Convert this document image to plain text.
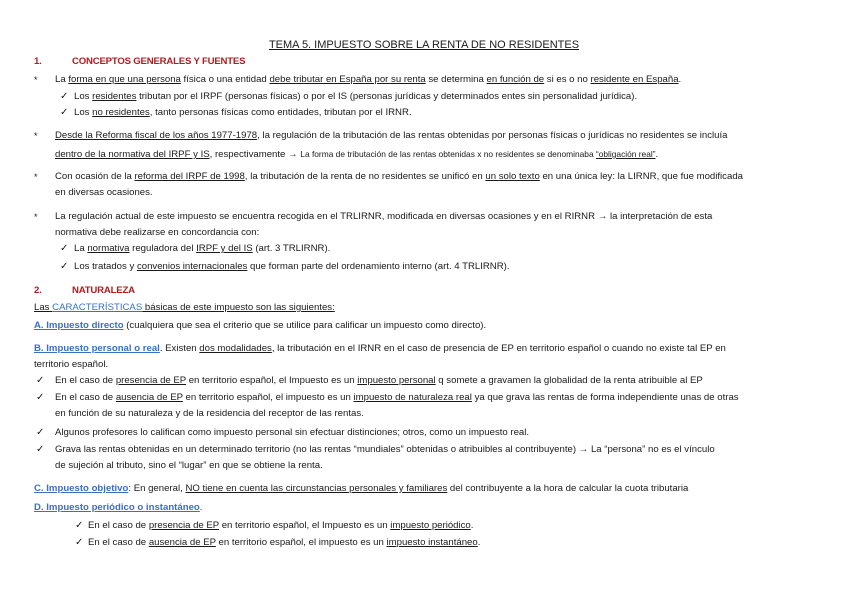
TEMA 5. IMPUESTO SOBRE LA RENTA DE NO RESIDENTES
1.	CONCEPTOS GENERALES Y FUENTES
* La forma en que una persona física o una entidad debe tributar en España por su renta se determina en función de si es o no residente en España.
✓ Los residentes tributan por el IRPF (personas físicas) o por el IS (personas jurídicas y determinados entes sin personalidad jurídica).
✓ Los no residentes, tanto personas físicas como entidades, tributan por el IRNR.
* Desde la Reforma fiscal de los años 1977-1978, la regulación de la tributación de las rentas obtenidas por personas físicas o jurídicas no residentes se incluía
dentro de la normativa del IRPF y IS, respectivamente → La forma de tributación de las rentas obtenidas x no residentes se denominaba “obligación real”.
* Con ocasión de la reforma del IRPF de 1998, la tributación de la renta de no residentes se unificó en un solo texto en una única ley: la LIRNR, que fue modificada
en diversas ocasiones.
* La regulación actual de este impuesto se encuentra recogida en el TRLIRNR, modificada en diversas ocasiones y en el RIRNR → la interpretación de esta
normativa debe realizarse en concordancia con:
✓ La normativa reguladora del IRPF y del IS (art. 3 TRLIRNR).
✓ Los tratados y convenios internacionales que forman parte del ordenamiento interno (art. 4 TRLIRNR).
2.	NATURALEZA
Las CARACTERÍSTICAS básicas de este impuesto son las siguientes:
A. Impuesto directo (cualquiera que sea el criterio que se utilice para calificar un impuesto como directo).
B. Impuesto personal o real. Existen dos modalidades, la tributación en el IRNR en el caso de presencia de EP en territorio español o cuando no existe tal EP en
territorio español.
✓ En el caso de presencia de EP en territorio español, el Impuesto es un impuesto personal q somete a gravamen la globalidad de la renta atribuible al EP
✓ En el caso de ausencia de EP en territorio español, el impuesto es un impuesto de naturaleza real ya que grava las rentas de forma independiente unas de otras
en función de su naturaleza y de la residencia del receptor de las rentas.
✓ Algunos profesores lo califican como impuesto personal sin efectuar distinciones; otros, como un impuesto real.
✓ Grava las rentas obtenidas en un determinado territorio (no las rentas “mundiales” obtenidas o atribuibles al contribuyente) → La “persona” no es el vínculo
de sujeción al tributo, sino el “lugar” en que se obtiene la renta.
C. Impuesto objetivo: En general, NO tiene en cuenta las circunstancias personales y familiares del contribuyente a la hora de calcular la cuota tributaria
D. Impuesto periódico o instantáneo.
✓ En el caso de presencia de EP en territorio español, el Impuesto es un impuesto periódico.
✓ En el caso de ausencia de EP en territorio español, el impuesto es un impuesto instantáneo.
